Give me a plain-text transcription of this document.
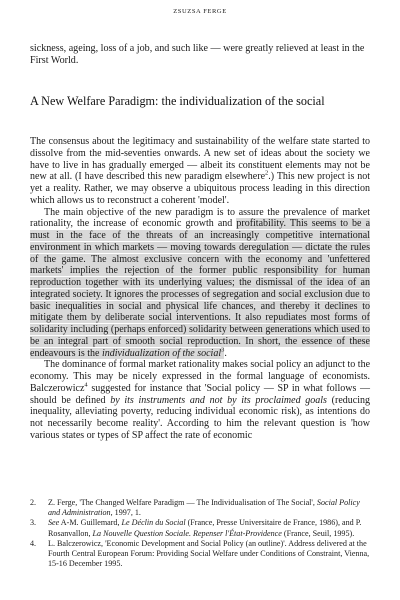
ZSUZSA FERGE
sickness, ageing, loss of a job, and such like — were greatly relieved at least in the First World.
A New Welfare Paradigm: the individualization of the social

The consensus about the legitimacy and sustainability of the welfare state started to dissolve from the mid-seventies onwards. A new set of ideas about the society we have to live in has gradually emerged — albeit its constituent elements may not be new at all. (I have described this new paradigm elsewhere$^2$.) This new project is not yet a reality. Rather, we may observe a ubiquitous process leading in this direction which allows us to reconstruct a coherent 'model'.

The main objective of the new paradigm is to assure the prevalence of market rationality, the increase of economic growth and profitability. This seems to be a must in the face of the threats of an increasingly competitive international environment in which markets — moving towards deregulation — dictate the rules of the game. The almost exclusive concern with the economy and 'unfettered markets' implies the rejection of the former public responsibility for human reproduction together with its underlying values; the dismissal of the idea of an integrated society. It ignores the processes of segregation and social exclusion due to basic inequalities in social and physical life chances, and thereby it declines to mitigate them by deliberate social interventions. It also repudiates most forms of solidarity including (perhaps enforced) solidarity between generations which used to be an integral part of smooth social reproduction. In short, the essence of these endeavours is the individualization of the social$^3$.

The dominance of formal market rationality makes social policy an adjunct to the economy. This may be nicely expressed in the formal language of economists. Balczerowicz$^4$ suggested for instance that 'Social policy — SP in what follows — should be defined by its instruments and not by its proclaimed goals (reducing inequality, alleviating poverty, reducing individual economic risk), as intentions do not necessarily become reality'. According to him the relevant question is 'how various states or types of SP affect the rate of economic

2.	Z. Ferge, 'The Changed Welfare Paradigm — The Individualisation of The Social', Social Policy and Administration, 1997, 1.
3.	See A-M. Guillemard, Le Déclin du Social (France, Presse Universitaire de France, 1986), and P. Rosanvallon, La Nouvelle Question Sociale. Repenser l'État-Providence (France, Seuil, 1995).
4.	L. Balczerowicz, 'Economic Development and Social Policy (an outline)'. Address delivered at the Fourth Central European Forum: Providing Social Welfare under Conditions of Constraint, Vienna, 15-16 December 1995.
